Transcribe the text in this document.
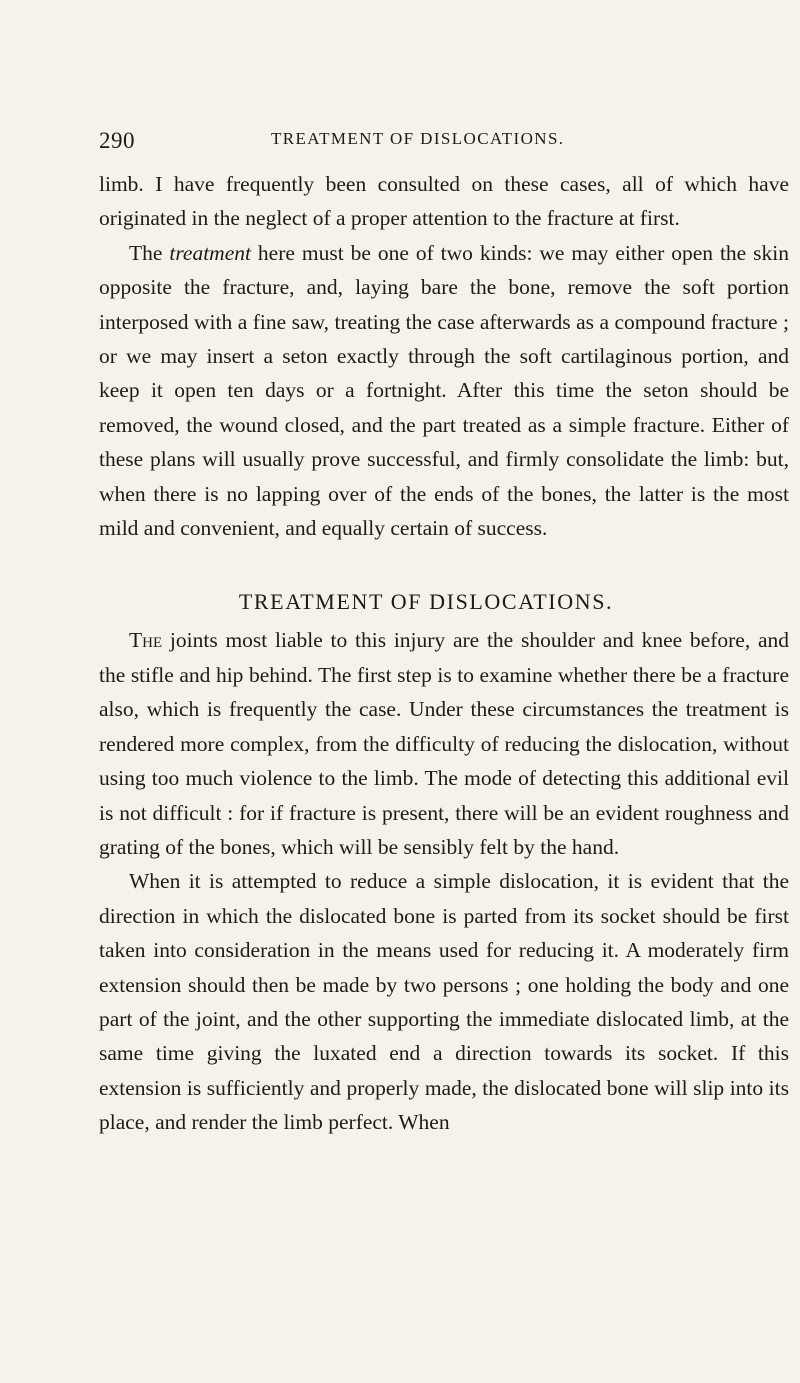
290	TREATMENT OF DISLOCATIONS.

limb. I have frequently been consulted on these cases, all of which have originated in the neglect of a proper attention to the fracture at first.

The treatment here must be one of two kinds: we may either open the skin opposite the fracture, and, laying bare the bone, remove the soft portion interposed with a fine saw, treating the case afterwards as a compound fracture ; or we may insert a seton exactly through the soft cartilaginous portion, and keep it open ten days or a fortnight. After this time the seton should be removed, the wound closed, and the part treated as a simple fracture. Either of these plans will usually prove successful, and firmly consolidate the limb: but, when there is no lapping over of the ends of the bones, the latter is the most mild and convenient, and equally certain of success.

TREATMENT OF DISLOCATIONS.

The joints most liable to this injury are the shoulder and knee before, and the stifle and hip behind. The first step is to examine whether there be a fracture also, which is frequently the case. Under these circumstances the treatment is rendered more complex, from the difficulty of reducing the dislocation, without using too much violence to the limb. The mode of detecting this additional evil is not difficult : for if fracture is present, there will be an evident roughness and grating of the bones, which will be sensibly felt by the hand.

When it is attempted to reduce a simple dislocation, it is evident that the direction in which the dislocated bone is parted from its socket should be first taken into consideration in the means used for reducing it. A moderately firm extension should then be made by two persons ; one holding the body and one part of the joint, and the other supporting the immediate dislocated limb, at the same time giving the luxated end a direction towards its socket. If this extension is sufficiently and properly made, the dislocated bone will slip into its place, and render the limb perfect. When
